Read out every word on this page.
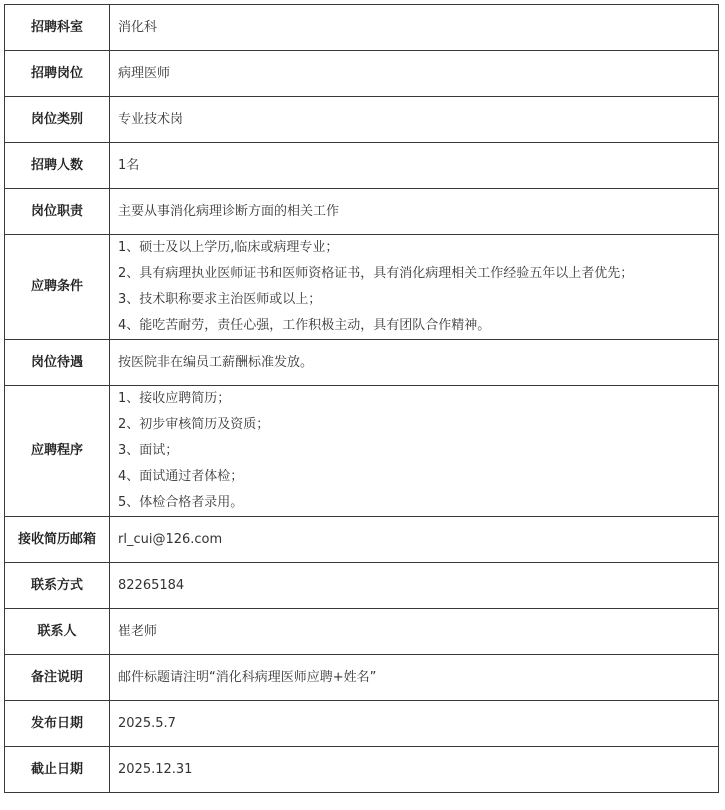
招聘科室	消化科
招聘岗位	病理医师
岗位类别	专业技术岗
招聘人数	1名
岗位职责	主要从事消化病理诊断方面的相关工作
应聘条件	1、硕士及以上学历,临床或病理专业；
2、具有病理执业医师证书和医师资格证书，具有消化病理相关工作经验五年以上者优先；
3、技术职称要求主治医师或以上；
4、能吃苦耐劳，责任心强，工作积极主动，具有团队合作精神。

岗位待遇	按医院非在编员工薪酬标准发放。
应聘程序	1、接收应聘简历；
2、初步审核简历及资质；
3、面试；
4、面试通过者体检；
5、体检合格者录用。

接收简历邮箱	rl_cui@126.com
联系方式	82265184
联系人	崔老师
备注说明	邮件标题请注明“消化科病理医师应聘+姓名”
发布日期	2025.5.7
截止日期	2025.12.31
